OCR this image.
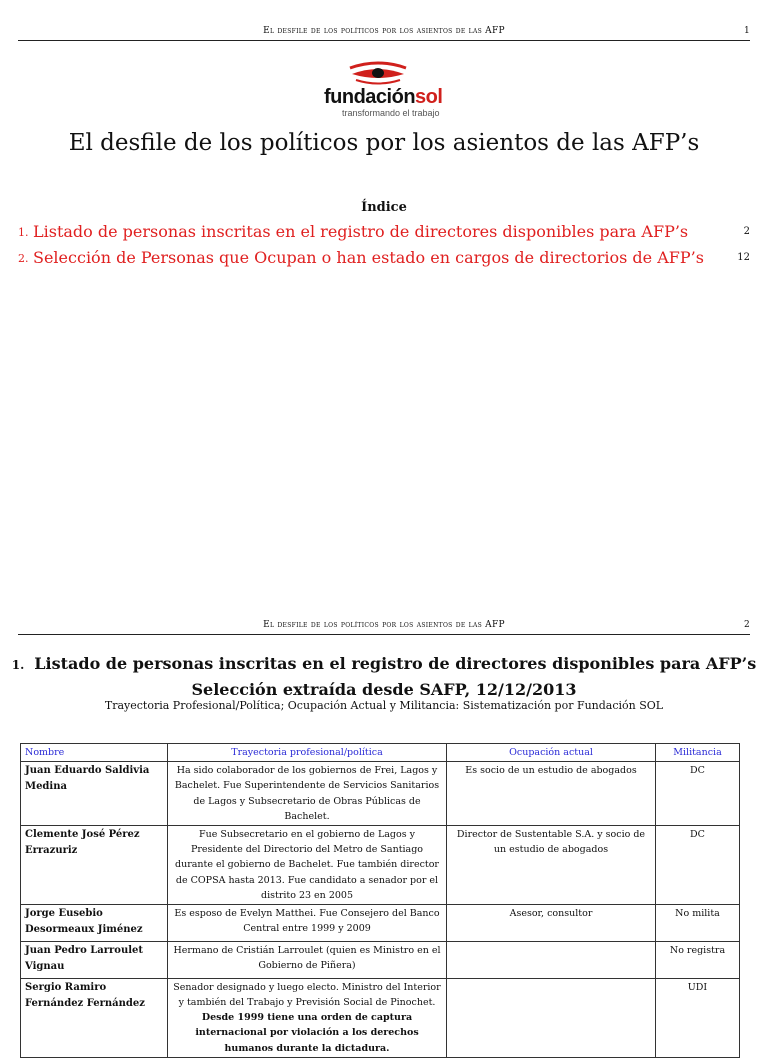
El desfile de los políticos por los asientos de las AFP	1
fundaciónsol
transformando el trabajo
El desfile de los políticos por los asientos de las AFP’s
Índice
1. Listado de personas inscritas en el registro de directores disponibles para AFP’s	2
2. Selección de Personas que Ocupan o han estado en cargos de directorios de AFP’s	12
El desfile de los políticos por los asientos de las AFP	2
1. Listado de personas inscritas en el registro de directores disponibles para AFP’s
Selección extraída desde SAFP, 12/12/2013
Trayectoria Profesional/Política; Ocupación Actual y Militancia: Sistematización por Fundación SOL
Nombre	Trayectoria profesional/política	Ocupación actual	Militancia
Juan Eduardo Saldivia Medina	Ha sido colaborador de los gobiernos de Frei, Lagos y Bachelet. Fue Superintendente de Servicios Sanitarios de Lagos y Subsecretario de Obras Públicas de Bachelet.	Es socio de un estudio de abogados	DC
Clemente José Pérez Errazuriz	Fue Subsecretario en el gobierno de Lagos y Presidente del Directorio del Metro de Santiago durante el gobierno de Bachelet. Fue también director de COPSA hasta 2013. Fue candidato a senador por el distrito 23 en 2005	Director de Sustentable S.A. y socio de un estudio de abogados	DC
Jorge Eusebio Desormeaux Jiménez	Es esposo de Evelyn Matthei. Fue Consejero del Banco Central entre 1999 y 2009	Asesor, consultor	No milita
Juan Pedro Larroulet Vignau	Hermano de Cristián Larroulet (quien es Ministro en el Gobierno de Piñera)		No registra
Sergio Ramiro Fernández Fernández	Senador designado y luego electo. Ministro del Interior y también del Trabajo y Previsión Social de Pinochet. Desde 1999 tiene una orden de captura internacional por violación a los derechos humanos durante la dictadura.		UDI
